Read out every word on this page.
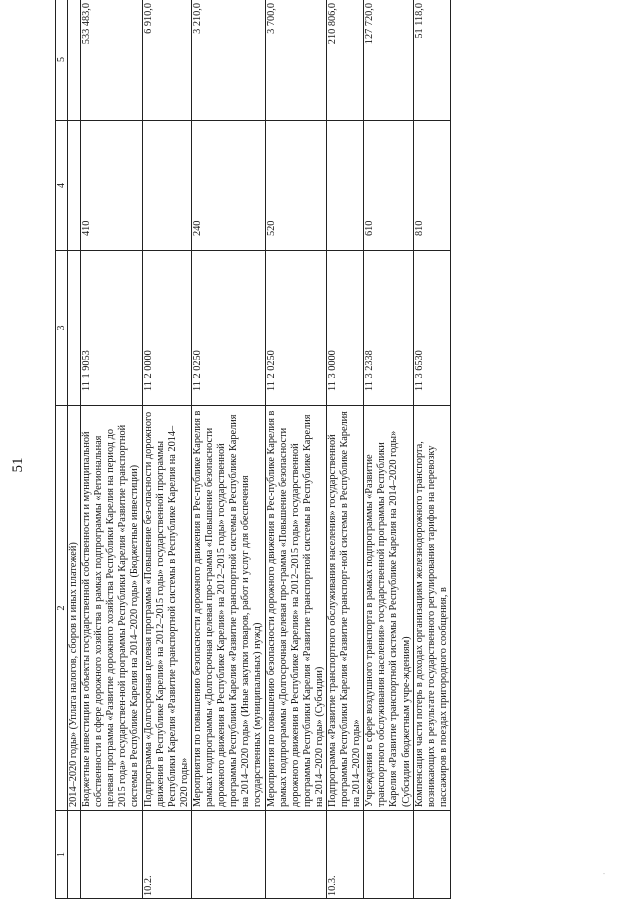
51
1	2	3	4	5
	2014–2020 годы» (Уплата налогов, сборов и иных платежей)			
	Бюджетные инвестиции в объекты государственной собственности и муниципальной собственности в сфере дорожного хозяйства в рамках подпрограммы «Региональная целевая программа «Развитие дорожного хозяйства Республики Карелия на период до 2015 года» государствен-ной программы Республики Карелия «Развитие транспортной системы в Республике Карелия на 2014–2020 годы» (Бюджетные инвестиции)	11 1 9053	410	533 483,0
10.2.	Подпрограмма «Долгосрочная целевая программа «Повышение без-опасности дорожного движения в Республике Карелия» на 2012–2015 годы» государственной программы Республики Карелия «Развитие транспортной системы в Республике Карелия на 2014–2020 годы»	11 2 0000		6 910,0
	Мероприятия по повышению безопасности дорожного движения в Рес-публике Карелия в рамках подпрограммы «Долгосрочная целевая про-грамма «Повышение безопасности дорожного движения в Республике Карелия» на 2012–2015 годы» государственной программы Республики Карелия «Развитие транспортной системы в Республике Карелия на 2014–2020 годы» (Иные закупки товаров, работ и услуг для обеспечения государственных (муниципальных) нужд)	11 2 0250	240	3 210,0
	Мероприятия по повышению безопасности дорожного движения в Рес-публике Карелия в рамках подпрограммы «Долгосрочная целевая про-грамма «Повышение безопасности дорожного движения в Республике Карелия» на 2012–2015 годы» государственной программы Республики Карелия «Развитие транспортной системы в Республике Карелия на 2014–2020 годы» (Субсидии)	11 2 0250	520	3 700,0
10.3.	Подпрограмма «Развитие транспортного обслуживания населения» государственной программы Республики Карелия «Развитие транспорт-ной системы в Республике Карелия на 2014–2020 годы»	11 3 0000		210 806,0
	Учреждения в сфере воздушного транспорта в рамках подпрограммы «Развитие транспортного обслуживания населения» государственной программы Республики Карелия «Развитие транспортной системы в Республике Карелия на 2014–2020 годы» (Субсидии бюджетным учре-ждениям)	11 3 2338	610	127 720,0
	Компенсация части потерь в доходах организациям железнодорожного транспорта, возникающих в результате государственного регулирования тарифов на перевозку пассажиров в поездах пригородного сообщения, в	11 3 6530	810	51 118,0
·
